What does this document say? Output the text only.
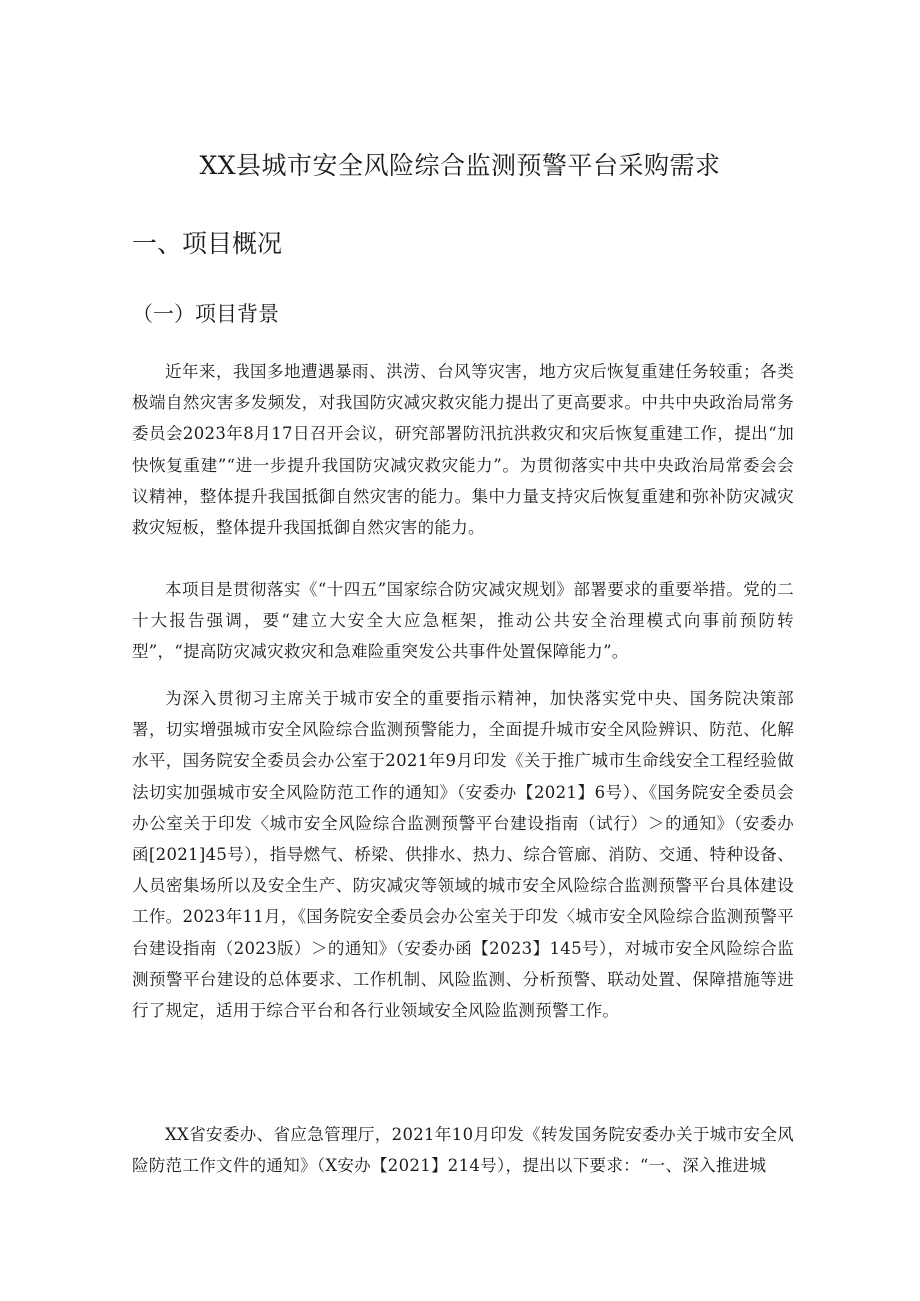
XX县城市安全风险综合监测预警平台采购需求
一、项目概况
（一）项目背景

近年来，我国多地遭遇暴雨、洪涝、台风等灾害，地方灾后恢复重建任务较重；各类极端自然灾害多发频发，对我国防灾减灾救灾能力提出了更高要求。中共中央政治局常务委员会2023年8月17日召开会议，研究部署防汛抗洪救灾和灾后恢复重建工作，提出“加快恢复重建”“进一步提升我国防灾减灾救灾能力”。为贯彻落实中共中央政治局常委会会议精神，整体提升我国抵御自然灾害的能力。集中力量支持灾后恢复重建和弥补防灾减灾救灾短板，整体提升我国抵御自然灾害的能力。

本项目是贯彻落实《“十四五”国家综合防灾减灾规划》部署要求的重要举措。党的二十大报告强调，要“建立大安全大应急框架，推动公共安全治理模式向事前预防转型”，“提高防灾减灾救灾和急难险重突发公共事件处置保障能力”。

为深入贯彻习主席关于城市安全的重要指示精神，加快落实党中央、国务院决策部署，切实增强城市安全风险综合监测预警能力，全面提升城市安全风险辨识、防范、化解水平，国务院安全委员会办公室于2021年9月印发《关于推广城市生命线安全工程经验做法切实加强城市安全风险防范工作的通知》（安委办【2021】6号）、《国务院安全委员会办公室关于印发〈城市安全风险综合监测预警平台建设指南（试行）＞的通知》（安委办函[2021]45号），指导燃气、桥梁、供排水、热力、综合管廊、消防、交通、特种设备、人员密集场所以及安全生产、防灾减灾等领域的城市安全风险综合监测预警平台具体建设工作。2023年11月，《国务院安全委员会办公室关于印发〈城市安全风险综合监测预警平台建设指南（2023版）＞的通知》（安委办函【2023】145号），对城市安全风险综合监测预警平台建设的总体要求、工作机制、风险监测、分析预警、联动处置、保障措施等进行了规定，适用于综合平台和各行业领域安全风险监测预警工作。

XX省安委办、省应急管理厅，2021年10月印发《转发国务院安委办关于城市安全风险防范工作文件的通知》（X安办【2021】214号），提出以下要求：“一、深入推进城
